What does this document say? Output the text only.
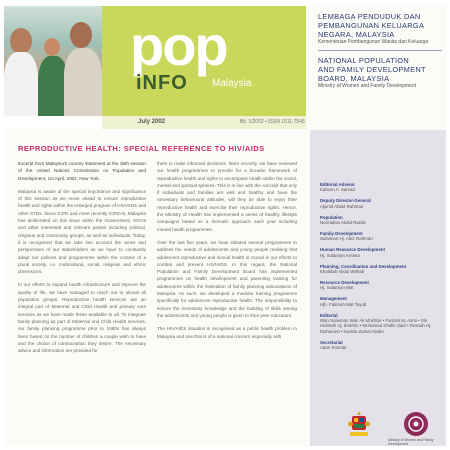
pop
iNFO Malaysia
July 2002	Bil. 1/2002 • ISSN 1511-7545
LEMBAGA PENDUDUK DAN
PEMBANGUNAN KELUARGA
NEGARA, MALAYSIA
Kementerian Pembangunan Wanita dan Keluarga
NATIONAL POPULATION
AND FAMILY DEVELOPMENT
BOARD, MALAYSIA
Ministry of Women and Family Development
REPRODUCTIVE HEALTH: SPECIAL REFERENCE TO HIV/AIDS
Excerpt from Malaysia's country statement at the 35th session of the United Nations Commission on Population and Development, 1st April, 2002, New York.
Malaysia is aware of the special importance and significance of this session as we move ahead to ensure reproductive health and rights within the enlarged program of HIV/AIDS and other STDs. Since ICPD and more recently ICPD+5, Malaysia has deliberated on this issue within the Government, NGOs and other interested and relevant parties including political, religious and community groups, as well as individuals. Today, it is recognised that we take into account the views and perspectives of our stakeholders as we have to constantly adapt our policies and programmes within the context of a plural society, i.e. multicultural, social, religious and ethnic dimensions.
In our efforts to expand health infrastructure and improve the quality of life, we have managed to reach out to almost all population groups. Reproductive health services are an integral part of Maternal and Child Health and primary care services as we have made these available to all. To integrate family planning as part of Maternal and Child Health services, our family planning programme prior to 1980s has always been based on the number of children a couple wish to have and the choice of contraception they desire. The necessary advice and information are provided for
them to make informed decisions. More recently, we have reviewed our health programmes to provide for a broader framework of reproductive health and rights to encompass health within the social, mental and spiritual spheres. This is in line with the concept that only if individuals and families are well and healthy and have the necessary behavioural attitudes, will they be able to enjoy their reproductive health and exercise their reproductive rights. Hence, the Ministry of Health has implemented a series of healthy lifestyle campaigns based on a thematic approach each year including mental health programmes.
Over the last five years, we have initiated several programmes to address the needs of adolescents and young people realising that adolescent reproductive and sexual health is crucial in our efforts to combat and prevent HIV/AIDS. In this regard, the National Population and Family Development Board has implemented programmes on health development and parenting training for adolescents within the federation of family planning associations of Malaysia. As such, we developed a modular training programme specifically for adolescent reproductive health. The responsibility to ensure the necessary knowledge and the building of skills among the adolescents and young people is given to their peer educators.
The HIV/AIDS situation is recognised as a public health problem in Malaysia and one that is of a national concern especially with
Editorial Advisor
Kalsom A. Samad
Deputy Director-General
Aljunid Abdul Rahman
Population
Normalisa Abdul Razak
Family Development
Sulaiman Hj. Abd. Rahman
Human Resource Development
Hj. Sulaiman Kelana
Planning, Coordination and Development
Khalidah Abdul Wahab
Resource Development
Hj. Sulaiman Mat
Management
Hjh. Fatimah Mat Tayub
Editorial
Wan Sulaiman Wan Ali Mokhtar • Farizah M. Azmi • Siti Halimah Hj. Ibrahim • Muhamad Shafie Said • Rosnah Hj. Mohamed • Norlela Zainal Abidin
Secretariat
Adan Rosnita
Ministry of Women and Family Development
